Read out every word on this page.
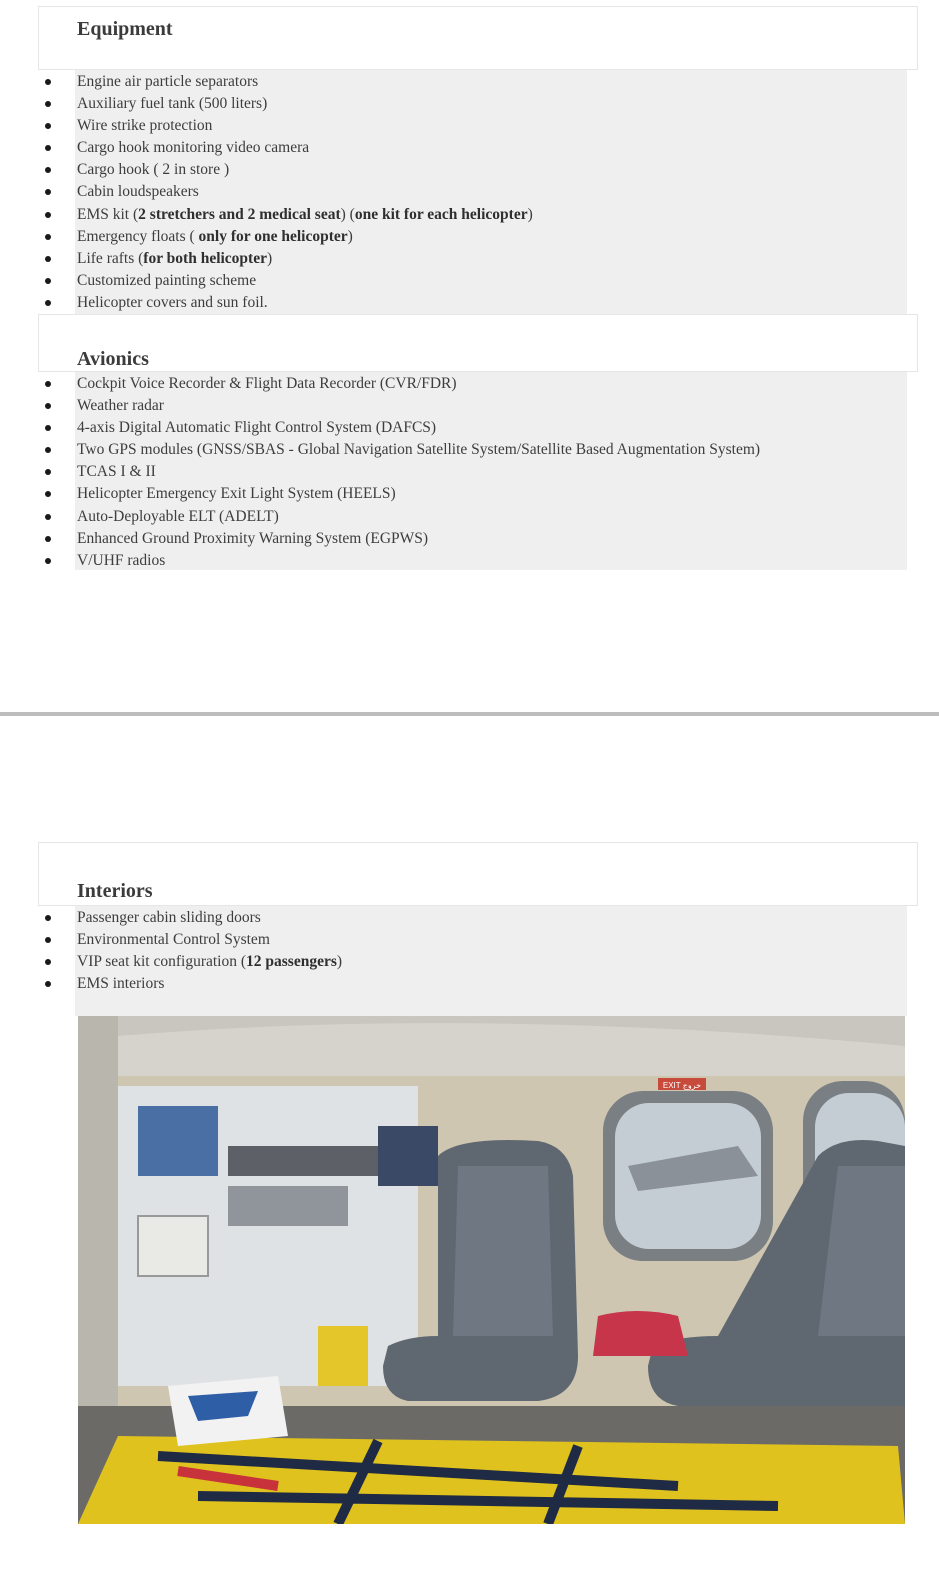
Equipment
Engine air particle separators
Auxiliary fuel tank (500 liters)
Wire strike protection
Cargo hook monitoring video camera
Cargo hook ( 2 in store )
Cabin loudspeakers
EMS kit (2 stretchers and 2 medical seat) (one kit for each helicopter)
Emergency floats ( only for one helicopter)
Life rafts (for both helicopter)
Customized painting scheme
Helicopter covers and sun foil.
Avionics
Cockpit Voice Recorder & Flight Data Recorder (CVR/FDR)
Weather radar
4-axis Digital Automatic Flight Control System (DAFCS)
Two GPS modules (GNSS/SBAS - Global Navigation Satellite System/Satellite Based Augmentation System)
TCAS I & II
Helicopter Emergency Exit Light System (HEELS)
Auto-Deployable ELT (ADELT)
Enhanced Ground Proximity Warning System (EGPWS)
V/UHF radios
Interiors
Passenger cabin sliding doors
Environmental Control System
VIP seat kit configuration (12 passengers)
EMS interiors
EXIT خروج
